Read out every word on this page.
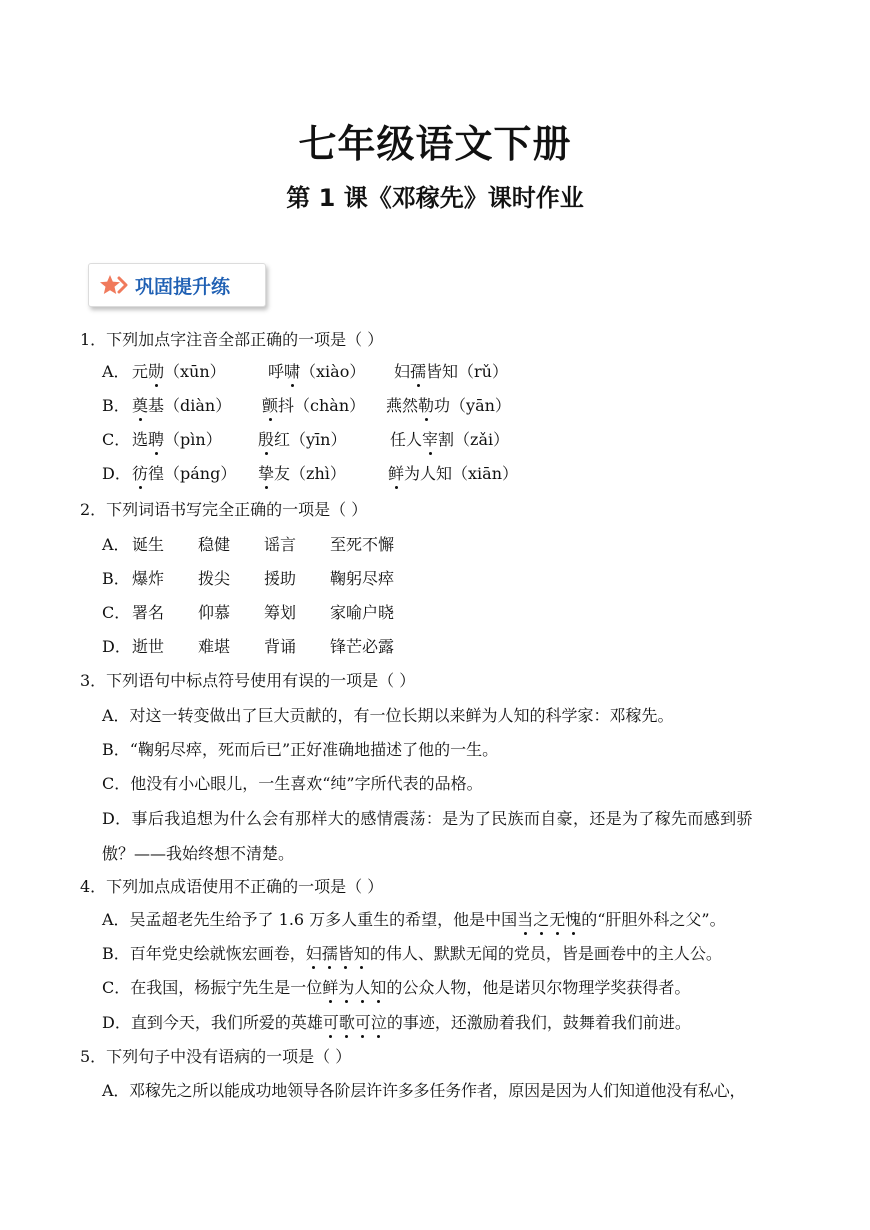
七年级语文下册
第 1 课《邓稼先》课时作业
巩固提升练
1．下列加点字注音全部正确的一项是（ ）
A． 元勋（xūn）	呼啸（xiào） 妇孺皆知（rǔ）
B． 奠基（diàn） 颤抖（chàn） 燕然勒功（yān）
C． 选聘（pìn） 殷红（yīn）	任人宰割（zǎi）
D． 彷徨（páng） 挚友（zhì）	鲜为人知（xiān）
2．下列词语书写完全正确的一项是（ ）
A． 诞生 稳健 谣言 至死不懈
B． 爆炸 拨尖 援助 鞠躬尽瘁
C． 署名 仰慕 筹划 家喻户晓
D． 逝世 难堪 背诵 锋芒必露
3．下列语句中标点符号使用有误的一项是（ ）
A．对这一转变做出了巨大贡献的，有一位长期以来鲜为人知的科学家：邓稼先。
B．“鞠躬尽瘁，死而后已”正好准确地描述了他的一生。
C．他没有小心眼儿，一生喜欢“纯”字所代表的品格。
D．事后我追想为什么会有那样大的感情震荡：是为了民族而自豪，还是为了稼先而感到骄
傲？——我始终想不清楚。
4．下列加点成语使用不正确的一项是（ ）
A．吴孟超老先生给予了 1.6 万多人重生的希望，他是中国当之无愧的“肝胆外科之父”。
B．百年党史绘就恢宏画卷，妇孺皆知的伟人、默默无闻的党员，皆是画卷中的主人公。
C．在我国，杨振宁先生是一位鲜为人知的公众人物，他是诺贝尔物理学奖获得者。
D．直到今天，我们所爱的英雄可歌可泣的事迹，还激励着我们，鼓舞着我们前进。
5．下列句子中没有语病的一项是（ ）
A．邓稼先之所以能成功地领导各阶层许许多多任务作者，原因是因为人们知道他没有私心，
